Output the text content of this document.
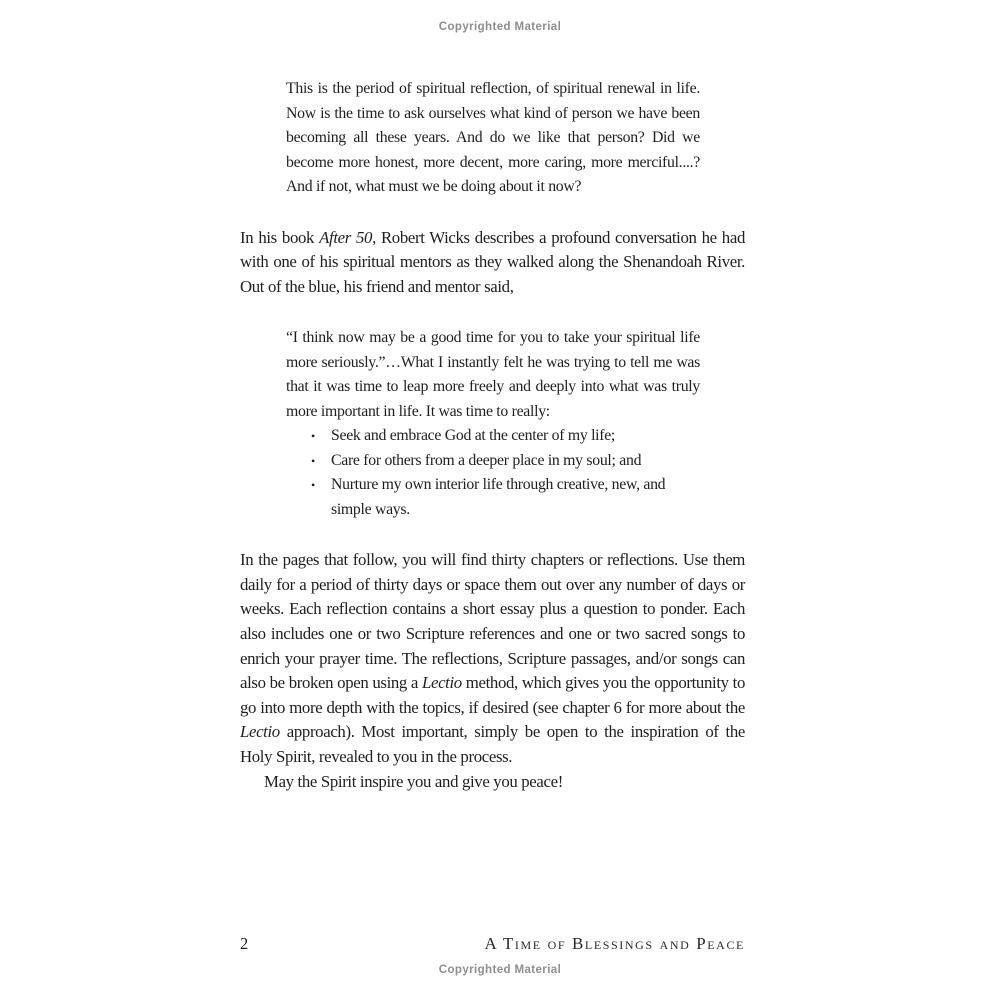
Copyrighted Material

This is the period of spiritual reflection, of spiritual renewal in life. Now is the time to ask ourselves what kind of person we have been becoming all these years. And do we like that person? Did we become more honest, more decent, more caring, more merciful....? And if not, what must we be doing about it now?

In his book After 50, Robert Wicks describes a profound conversation he had with one of his spiritual mentors as they walked along the Shenandoah River. Out of the blue, his friend and mentor said,

“I think now may be a good time for you to take your spiritual life more seriously.”…What I instantly felt he was trying to tell me was that it was time to leap more freely and deeply into what was truly more important in life. It was time to really:

• Seek and embrace God at the center of my life;
• Care for others from a deeper place in my soul; and
• Nurture my own interior life through creative, new, and simple ways.

In the pages that follow, you will find thirty chapters or reflections. Use them daily for a period of thirty days or space them out over any number of days or weeks. Each reflection contains a short essay plus a question to ponder. Each also includes one or two Scripture references and one or two sacred songs to enrich your prayer time. The reflections, Scripture passages, and/or songs can also be broken open using a Lectio method, which gives you the opportunity to go into more depth with the topics, if desired (see chapter 6 for more about the Lectio approach). Most important, simply be open to the inspiration of the Holy Spirit, revealed to you in the process.

May the Spirit inspire you and give you peace!

2	A Time of Blessings and Peace
Copyrighted Material
